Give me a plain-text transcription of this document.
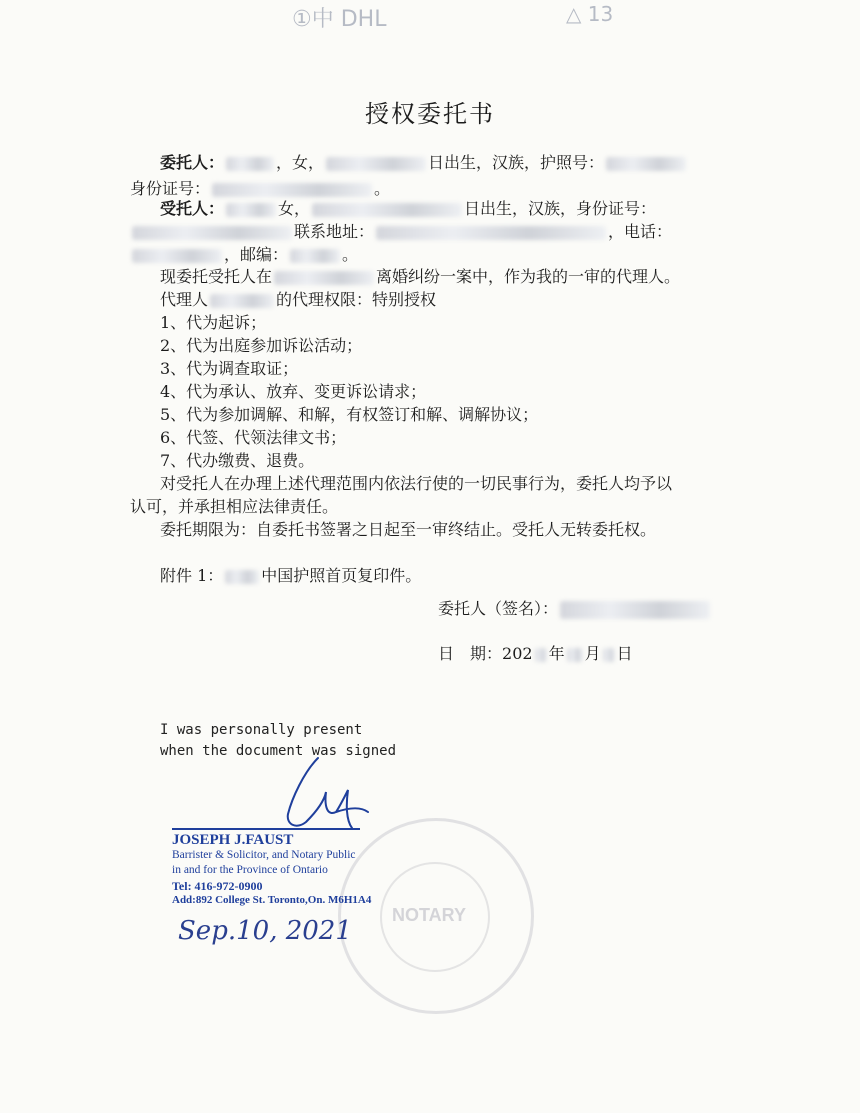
①中 DHL	△ 13
授权委托书
委托人：	，女，	日出生，汉族，护照号：
身份证号：	。
受托人：	女，	日出生，汉族，身份证号：
联系地址：	，电话：
，邮编：	。
现委托受托人在	离婚纠纷一案中，作为我的一审的代理人。
代理人	的代理权限：特别授权
1、代为起诉；
2、代为出庭参加诉讼活动；
3、代为调查取证；
4、代为承认、放弃、变更诉讼请求；
5、代为参加调解、和解，有权签订和解、调解协议；
6、代签、代领法律文书；
7、代办缴费、退费。
对受托人在办理上述代理范围内依法行使的一切民事行为，委托人均予以
认可，并承担相应法律责任。
委托期限为：自委托书签署之日起至一审终结止。受托人无转委托权。
附件 1： 中国护照首页复印件。
委托人（签名）：
日　期：202 年 月 日
I was personally present
when the document was signed
NOTARY
JOSEPH J.FAUST
Barrister & Solicitor, and Notary Public
in and for the Province of Ontario
Tel: 416-972-0900
Add:892 College St. Toronto,On. M6H1A4
Sep.10, 2021
